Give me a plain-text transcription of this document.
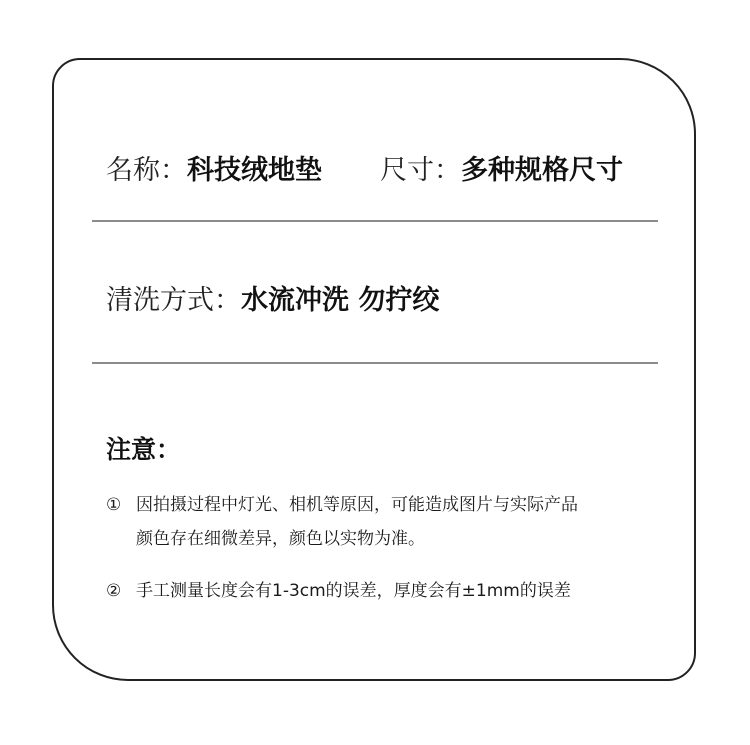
名称：科技绒地垫 尺寸：多种规格尺寸
清洗方式：水流冲洗 勿拧绞
注意：
① 因拍摄过程中灯光、相机等原因，可能造成图片与实际产品
颜色存在细微差异，颜色以实物为准。
② 手工测量长度会有1-3cm的误差，厚度会有±1mm的误差
